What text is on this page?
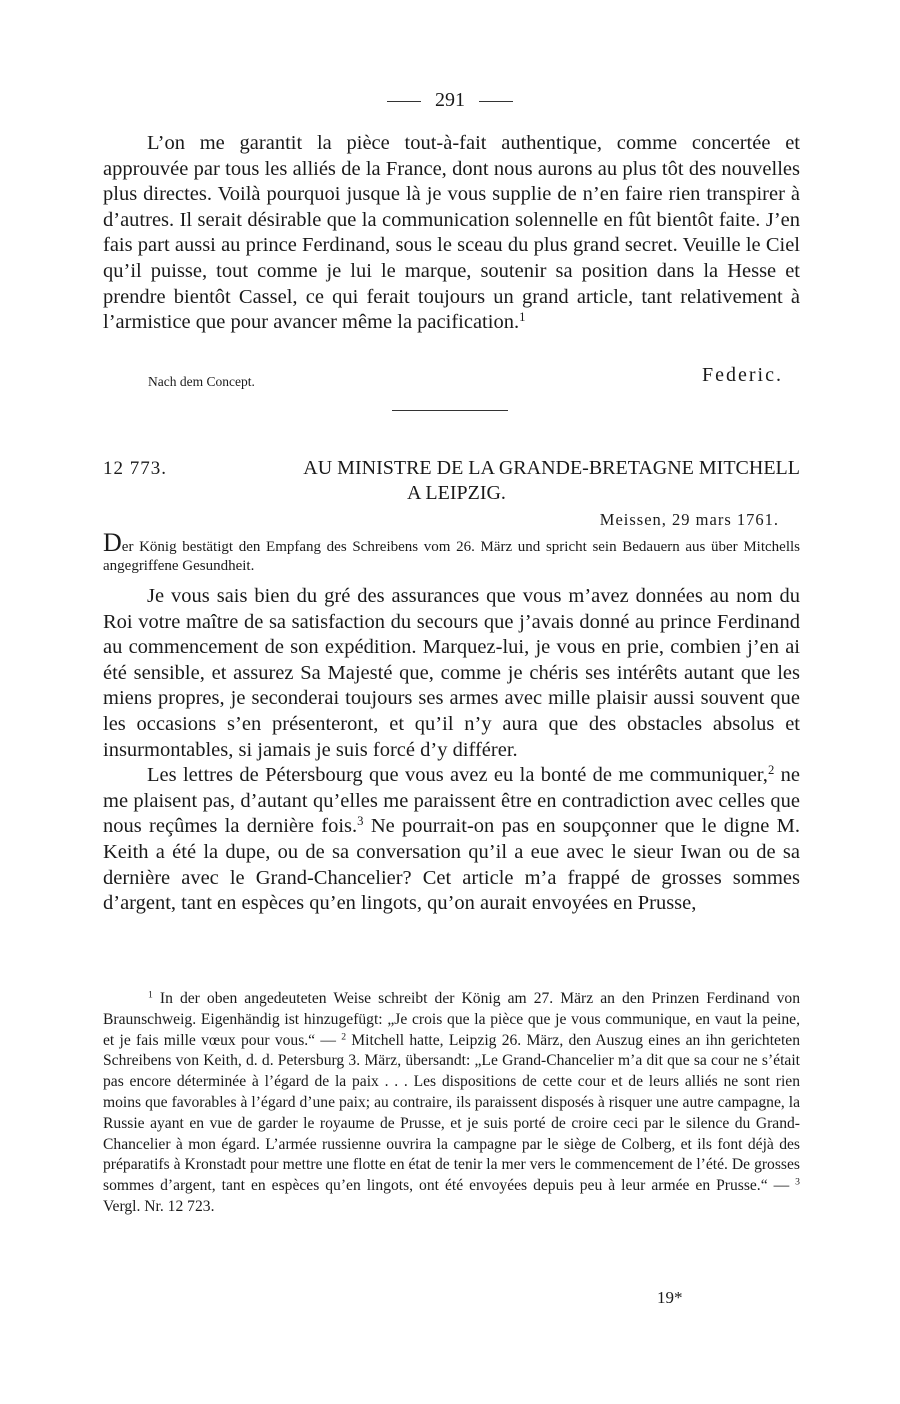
291

L’on me garantit la pièce tout-à-fait authentique, comme concertée et approuvée par tous les alliés de la France, dont nous aurons au plus tôt des nouvelles plus directes. Voilà pourquoi jusque là je vous supplie de n’en faire rien transpirer à d’autres. Il serait désirable que la communication solennelle en fût bientôt faite. J’en fais part aussi au prince Ferdinand, sous le sceau du plus grand secret. Veuille le Ciel qu’il puisse, tout comme je lui le marque, soutenir sa position dans la Hesse et prendre bientôt Cassel, ce qui ferait toujours un grand article, tant relativement à l’armistice que pour avancer même la pacification.$^1$

Nach dem Concept.	Federic.
12 773.	AU MINISTRE DE LA GRANDE-BRETAGNE MITCHELL
A LEIPZIG.
Meissen, 29 mars 1761.
Der König bestätigt den Empfang des Schreibens vom 26. März und spricht sein Bedauern aus über Mitchells angegriffene Gesundheit.

Je vous sais bien du gré des assurances que vous m’avez données au nom du Roi votre maître de sa satisfaction du secours que j’avais donné au prince Ferdinand au commencement de son expédition. Marquez-lui, je vous en prie, combien j’en ai été sensible, et assurez Sa Majesté que, comme je chéris ses intérêts autant que les miens propres, je seconderai toujours ses armes avec mille plaisir aussi souvent que les occasions s’en présenteront, et qu’il n’y aura que des obstacles absolus et insurmontables, si jamais je suis forcé d’y différer.

Les lettres de Pétersbourg que vous avez eu la bonté de me communiquer,$^2$ ne me plaisent pas, d’autant qu’elles me paraissent être en contradiction avec celles que nous reçûmes la dernière fois.$^3$ Ne pourrait-on pas en soupçonner que le digne M. Keith a été la dupe, ou de sa conversation qu’il a eue avec le sieur Iwan ou de sa dernière avec le Grand-Chancelier? Cet article m’a frappé de grosses sommes d’argent, tant en espèces qu’en lingots, qu’on aurait envoyées en Prusse,

$^1$ In der oben angedeuteten Weise schreibt der König am 27. März an den Prinzen Ferdinand von Braunschweig. Eigenhändig ist hinzugefügt: „Je crois que la pièce que je vous communique, en vaut la peine, et je fais mille vœux pour vous.“ — $^2$ Mitchell hatte, Leipzig 26. März, den Auszug eines an ihn gerichteten Schreibens von Keith, d. d. Petersburg 3. März, übersandt: „Le Grand-Chancelier m’a dit que sa cour ne s’était pas encore déterminée à l’égard de la paix . . . Les dispositions de cette cour et de leurs alliés ne sont rien moins que favorables à l’égard d’une paix; au contraire, ils paraissent disposés à risquer une autre campagne, la Russie ayant en vue de garder le royaume de Prusse, et je suis porté de croire ceci par le silence du Grand-Chancelier à mon égard. L’armée russienne ouvrira la campagne par le siège de Colberg, et ils font déjà des préparatifs à Kronstadt pour mettre une flotte en état de tenir la mer vers le commencement de l’été. De grosses sommes d’argent, tant en espèces qu’en lingots, ont été envoyées depuis peu à leur armée en Prusse.“ — $^3$ Vergl. Nr. 12 723.
19*
